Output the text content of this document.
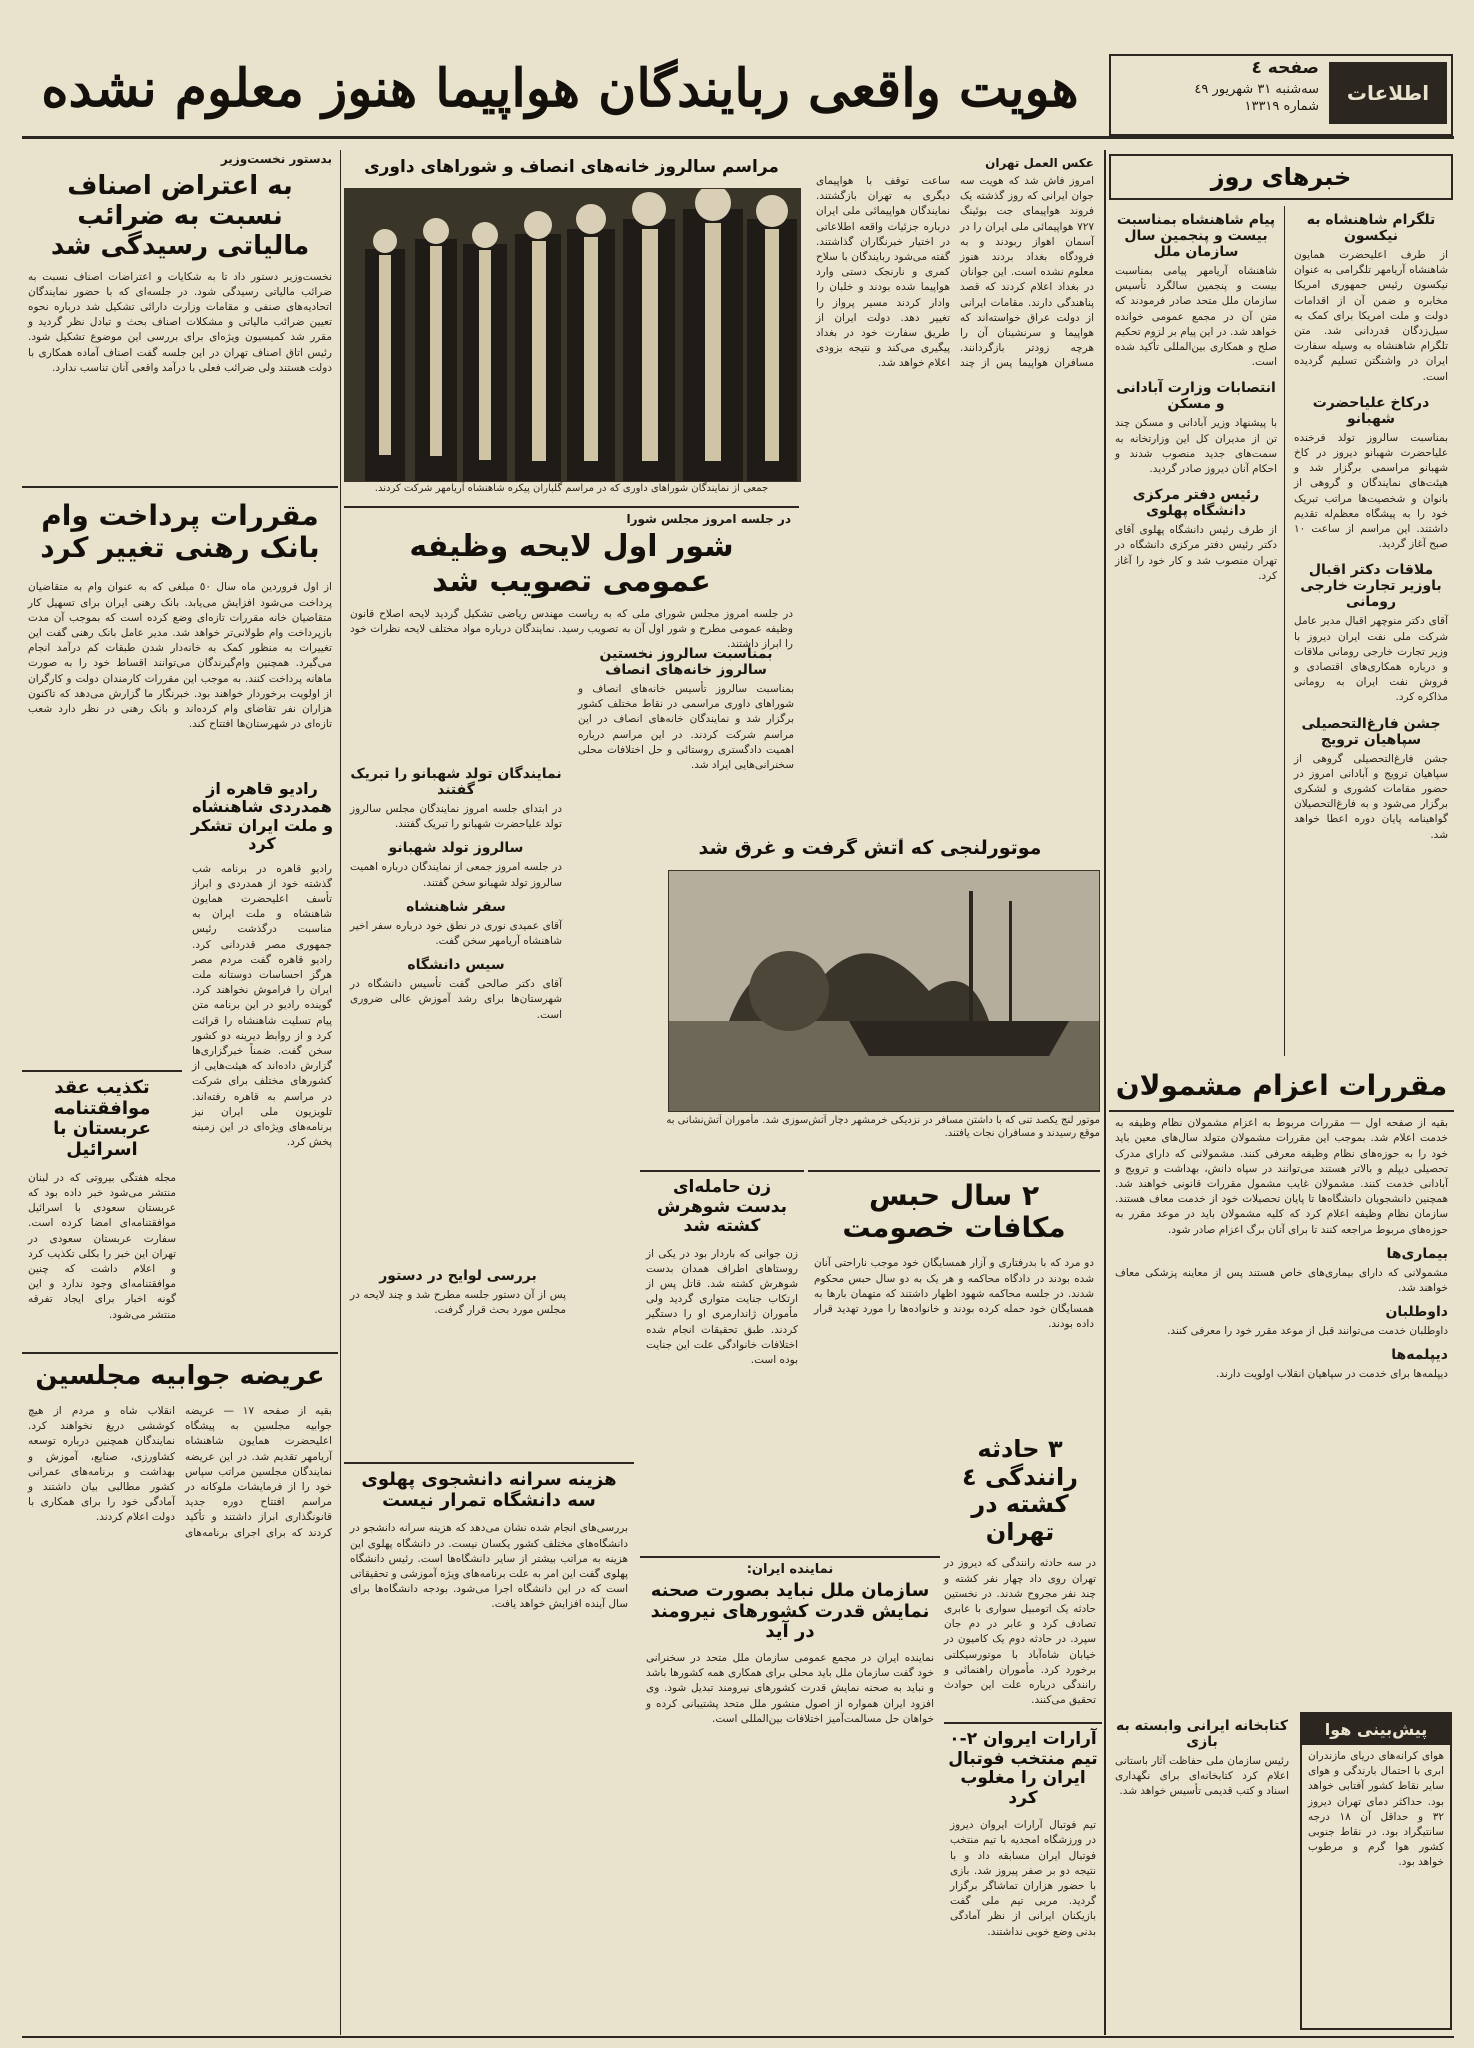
اطلاعات
صفحه ٤
سه‌شنبه ٣١ شهریور ٤٩
شماره ١٣٣١٩
هویت واقعی ربایندگان هواپیما هنوز معلوم نشده
خبرهای روز
تلگرام شاهنشاه به نیکسون

از طرف اعلیحضرت همایون شاهنشاه آریامهر تلگرامی به عنوان نیکسون رئیس جمهوری امریکا مخابره و ضمن آن از اقدامات دولت و ملت امریکا برای کمک به سیل‌زدگان قدردانی شد. متن تلگرام شاهنشاه به وسیله سفارت ایران در واشنگتن تسلیم گردیده است.

درکاخ علیاحضرت شهبانو

بمناسبت سالروز تولد فرخنده علیاحضرت شهبانو دیروز در کاخ شهبانو مراسمی برگزار شد و هیئت‌های نمایندگان و گروهی از بانوان و شخصیت‌ها مراتب تبریک خود را به پیشگاه معظم‌له تقدیم داشتند. این مراسم از ساعت ١٠ صبح آغاز گردید.

ملاقات دکتر اقبال باوزیر تجارت خارجی رومانی

آقای دکتر منوچهر اقبال مدیر عامل شرکت ملی نفت ایران دیروز با وزیر تجارت خارجی رومانی ملاقات و درباره همکاری‌های اقتصادی و فروش نفت ایران به رومانی مذاکره کرد.

جشن فارغ‌التحصیلی سپاهیان ترویج

جشن فارغ‌التحصیلی گروهی از سپاهیان ترویج و آبادانی امروز در حضور مقامات کشوری و لشکری برگزار می‌شود و به فارغ‌التحصیلان گواهینامه پایان دوره اعطا خواهد شد.

پیام شاهنشاه بمناسبت بیست و پنجمین سال سازمان ملل

شاهنشاه آریامهر پیامی بمناسبت بیست و پنجمین سالگرد تأسیس سازمان ملل متحد صادر فرمودند که متن آن در مجمع عمومی خوانده خواهد شد. در این پیام بر لزوم تحکیم صلح و همکاری بین‌المللی تأکید شده است.

انتصابات وزارت آبادانی و مسکن

با پیشنهاد وزیر آبادانی و مسکن چند تن از مدیران کل این وزارتخانه به سمت‌های جدید منصوب شدند و احکام آنان دیروز صادر گردید.

رئیس دفتر مرکزی دانشگاه پهلوی

از طرف رئیس دانشگاه پهلوی آقای دکتر رئیس دفتر مرکزی دانشگاه در تهران منصوب شد و کار خود را آغاز کرد.

مقررات اعزام مشمولان

بقیه از صفحه اول — مقررات مربوط به اعزام مشمولان نظام وظیفه به خدمت اعلام شد. بموجب این مقررات مشمولان متولد سال‌های معین باید خود را به حوزه‌های نظام وظیفه معرفی کنند. مشمولانی که دارای مدرک تحصیلی دیپلم و بالاتر هستند می‌توانند در سپاه دانش، بهداشت و ترویج و آبادانی خدمت کنند. مشمولان غایب مشمول مقررات قانونی خواهند شد. همچنین دانشجویان دانشگاه‌ها تا پایان تحصیلات خود از خدمت معاف هستند. سازمان نظام وظیفه اعلام کرد که کلیه مشمولان باید در موعد مقرر به حوزه‌های مربوط مراجعه کنند تا برای آنان برگ اعزام صادر شود.

بیماری‌ها

مشمولانی که دارای بیماری‌های خاص هستند پس از معاینه پزشکی معاف خواهند شد.

داوطلبان

داوطلبان خدمت می‌توانند قبل از موعد مقرر خود را معرفی کنند.

دیپلمه‌ها

دیپلمه‌ها برای خدمت در سپاهیان انقلاب اولویت دارند.

پیش‌بینی هوا

هوای کرانه‌های دریای مازندران ابری با احتمال بارندگی و هوای سایر نقاط کشور آفتابی خواهد بود. حداکثر دمای تهران دیروز ٣٢ و حداقل آن ١٨ درجه سانتیگراد بود. در نقاط جنوبی کشور هوا گرم و مرطوب خواهد بود.

کتابخانه ایرانی وابسته به بازی

رئیس سازمان ملی حفاظت آثار باستانی اعلام کرد کتابخانه‌ای برای نگهداری اسناد و کتب قدیمی تأسیس خواهد شد.

عکس العمل تهران

امروز فاش شد که هویت سه جوان ایرانی که روز گذشته یک فروند هواپیمای جت بوئینگ ٧٢٧ هواپیمائی ملی ایران را در آسمان اهواز ربودند و به فرودگاه بغداد بردند هنوز معلوم نشده است. این جوانان در بغداد اعلام کردند که قصد پناهندگی دارند. مقامات ایرانی از دولت عراق خواسته‌اند که هواپیما و سرنشینان آن را هرچه زودتر بازگردانند. مسافران هواپیما پس از چند ساعت توقف با هواپیمای دیگری به تهران بازگشتند. نمایندگان هواپیمائی ملی ایران درباره جزئیات واقعه اطلاعاتی در اختیار خبرنگاران گذاشتند. گفته می‌شود ربایندگان با سلاح کمری و نارنجک دستی وارد هواپیما شده بودند و خلبان را وادار کردند مسیر پرواز را تغییر دهد. دولت ایران از طریق سفارت خود در بغداد پیگیری می‌کند و نتیجه بزودی اعلام خواهد شد.

مراسم سالروز خانه‌های انصاف و شوراهای داوری
جمعی از نمایندگان شوراهای داوری که در مراسم گلباران پیکره شاهنشاه آریامهر شرکت کردند.
بدستور نخست‌وزیر
به اعتراض اصناف نسبت به ضرائب مالیاتی رسیدگی شد

نخست‌وزیر دستور داد تا به شکایات و اعتراضات اصناف نسبت به ضرائب مالیاتی رسیدگی شود. در جلسه‌ای که با حضور نمایندگان اتحادیه‌های صنفی و مقامات وزارت دارائی تشکیل شد درباره نحوه تعیین ضرائب مالیاتی و مشکلات اصناف بحث و تبادل نظر گردید و مقرر شد کمیسیون ویژه‌ای برای بررسی این موضوع تشکیل شود. رئیس اتاق اصناف تهران در این جلسه گفت اصناف آماده همکاری با دولت هستند ولی ضرائب فعلی با درآمد واقعی آنان تناسب ندارد.

مقررات پرداخت وام بانک رهنی تغییر کرد

از اول فروردین ماه سال ٥٠ مبلغی که به عنوان وام به متقاضیان پرداخت می‌شود افزایش می‌یابد. بانک رهنی ایران برای تسهیل کار متقاضیان خانه مقررات تازه‌ای وضع کرده است که بموجب آن مدت بازپرداخت وام طولانی‌تر خواهد شد. مدیر عامل بانک رهنی گفت این تغییرات به منظور کمک به خانه‌دار شدن طبقات کم درآمد انجام می‌گیرد. همچنین وام‌گیرندگان می‌توانند اقساط خود را به صورت ماهانه پرداخت کنند. به موجب این مقررات کارمندان دولت و کارگران از اولویت برخوردار خواهند بود. خبرنگار ما گزارش می‌دهد که تاکنون هزاران نفر تقاضای وام کرده‌اند و بانک رهنی در نظر دارد شعب تازه‌ای در شهرستان‌ها افتتاح کند.

تکذیب عقد موافقتنامه عربستان با اسرائیل

مجله هفتگی بیروتی که در لبنان منتشر می‌شود خبر داده بود که عربستان سعودی با اسرائیل موافقتنامه‌ای امضا کرده است. سفارت عربستان سعودی در تهران این خبر را بکلی تکذیب کرد و اعلام داشت که چنین موافقتنامه‌ای وجود ندارد و این گونه اخبار برای ایجاد تفرقه منتشر می‌شود.

رادیو قاهره از همدردی شاهنشاه و ملت ایران تشکر کرد

رادیو قاهره در برنامه شب گذشته خود از همدردی و ابراز تأسف اعلیحضرت همایون شاهنشاه و ملت ایران به مناسبت درگذشت رئیس جمهوری مصر قدردانی کرد. رادیو قاهره گفت مردم مصر هرگز احساسات دوستانه ملت ایران را فراموش نخواهند کرد. گوینده رادیو در این برنامه متن پیام تسلیت شاهنشاه را قرائت کرد و از روابط دیرینه دو کشور سخن گفت. ضمناً خبرگزاری‌ها گزارش داده‌اند که هیئت‌هایی از کشورهای مختلف برای شرکت در مراسم به قاهره رفته‌اند. تلویزیون ملی ایران نیز برنامه‌های ویژه‌ای در این زمینه پخش کرد.

عریضه جوابیه مجلسین

بقیه از صفحه ١٧ — عریضه جوابیه مجلسین به پیشگاه اعلیحضرت همایون شاهنشاه آریامهر تقدیم شد. در این عریضه نمایندگان مجلسین مراتب سپاس خود را از فرمایشات ملوکانه در مراسم افتتاح دوره جدید قانونگذاری ابراز داشتند و تأکید کردند که برای اجرای برنامه‌های انقلاب شاه و مردم از هیچ کوششی دریغ نخواهند کرد. نمایندگان همچنین درباره توسعه کشاورزی، صنایع، آموزش و بهداشت و برنامه‌های عمرانی کشور مطالبی بیان داشتند و آمادگی خود را برای همکاری با دولت اعلام کردند.

در جلسه امروز مجلس شورا
شور اول لایحه وظیفه عمومی تصویب شد

در جلسه امروز مجلس شورای ملی که به ریاست مهندس ریاضی تشکیل گردید لایحه اصلاح قانون وظیفه عمومی مطرح و شور اول آن به تصویب رسید. نمایندگان درباره مواد مختلف لایحه نظرات خود را ابراز داشتند.

نمایندگان تولد شهبانو را تبریک گفتند

در ابتدای جلسه امروز نمایندگان مجلس سالروز تولد علیاحضرت شهبانو را تبریک گفتند.

سالروز تولد شهبانو

در جلسه امروز جمعی از نمایندگان درباره اهمیت سالروز تولد شهبانو سخن گفتند.

سفر شاهنشاه

آقای عمیدی نوری در نطق خود درباره سفر اخیر شاهنشاه آریامهر سخن گفت.

سیس دانشگاه

آقای دکتر صالحی گفت تأسیس دانشگاه در شهرستان‌ها برای رشد آموزش عالی ضروری است.

بمناسبت سالروز نخستین سالروز خانه‌های انصاف

بمناسبت سالروز تأسیس خانه‌های انصاف و شوراهای داوری مراسمی در نقاط مختلف کشور برگزار شد و نمایندگان خانه‌های انصاف در این مراسم شرکت کردند. در این مراسم درباره اهمیت دادگستری روستائی و حل اختلافات محلی سخنرانی‌هایی ایراد شد.

بررسی لوایح در دستور

پس از آن دستور جلسه مطرح شد و چند لایحه در مجلس مورد بحث قرار گرفت.

موتورلنجی که آتش گرفت و غرق شد
موتور لنج یکصد تنی که با داشتن مسافر در نزدیکی خرمشهر دچار آتش‌سوزی شد. مأموران آتش‌نشانی به موقع رسیدند و مسافران نجات یافتند.
٢ سال حبس مکافات خصومت

دو مرد که با بدرفتاری و آزار همسایگان خود موجب ناراحتی آنان شده بودند در دادگاه محاکمه و هر یک به دو سال حبس محکوم شدند. در جلسه محاکمه شهود اظهار داشتند که متهمان بارها به همسایگان خود حمله کرده بودند و خانواده‌ها را مورد تهدید قرار داده بودند.

زن حامله‌ای بدست شوهرش کشته شد

زن جوانی که باردار بود در یکی از روستاهای اطراف همدان بدست شوهرش کشته شد. قاتل پس از ارتکاب جنایت متواری گردید ولی مأموران ژاندارمری او را دستگیر کردند. طبق تحقیقات انجام شده اختلافات خانوادگی علت این جنایت بوده است.

٣ حادثه رانندگی ٤ کشته در تهران

در سه حادثه رانندگی که دیروز در تهران روی داد چهار نفر کشته و چند نفر مجروح شدند. در نخستین حادثه یک اتومبیل سواری با عابری تصادف کرد و عابر در دم جان سپرد. در حادثه دوم یک کامیون در خیابان شاه‌آباد با موتورسیکلتی برخورد کرد. مأموران راهنمائی و رانندگی درباره علت این حوادث تحقیق می‌کنند.

هزینه سرانه دانشجوی پهلوی سه دانشگاه تمرار نیست

بررسی‌های انجام شده نشان می‌دهد که هزینه سرانه دانشجو در دانشگاه‌های مختلف کشور یکسان نیست. در دانشگاه پهلوی این هزینه به مراتب بیشتر از سایر دانشگاه‌ها است. رئیس دانشگاه پهلوی گفت این امر به علت برنامه‌های ویژه آموزشی و تحقیقاتی است که در این دانشگاه اجرا می‌شود. بودجه دانشگاه‌ها برای سال آینده افزایش خواهد یافت.

نماینده ایران:
سازمان ملل نباید بصورت صحنه نمایش قدرت کشورهای نیرومند در آید

نماینده ایران در مجمع عمومی سازمان ملل متحد در سخنرانی خود گفت سازمان ملل باید محلی برای همکاری همه کشورها باشد و نباید به صحنه نمایش قدرت کشورهای نیرومند تبدیل شود. وی افزود ایران همواره از اصول منشور ملل متحد پشتیبانی کرده و خواهان حل مسالمت‌آمیز اختلافات بین‌المللی است.

آرارات ایروان ٢-٠ تیم منتخب فوتبال ایران را مغلوب کرد

تیم فوتبال آرارات ایروان دیروز در ورزشگاه امجدیه با تیم منتخب فوتبال ایران مسابقه داد و با نتیجه دو بر صفر پیروز شد. بازی با حضور هزاران تماشاگر برگزار گردید. مربی تیم ملی گفت بازیکنان ایرانی از نظر آمادگی بدنی وضع خوبی نداشتند.
